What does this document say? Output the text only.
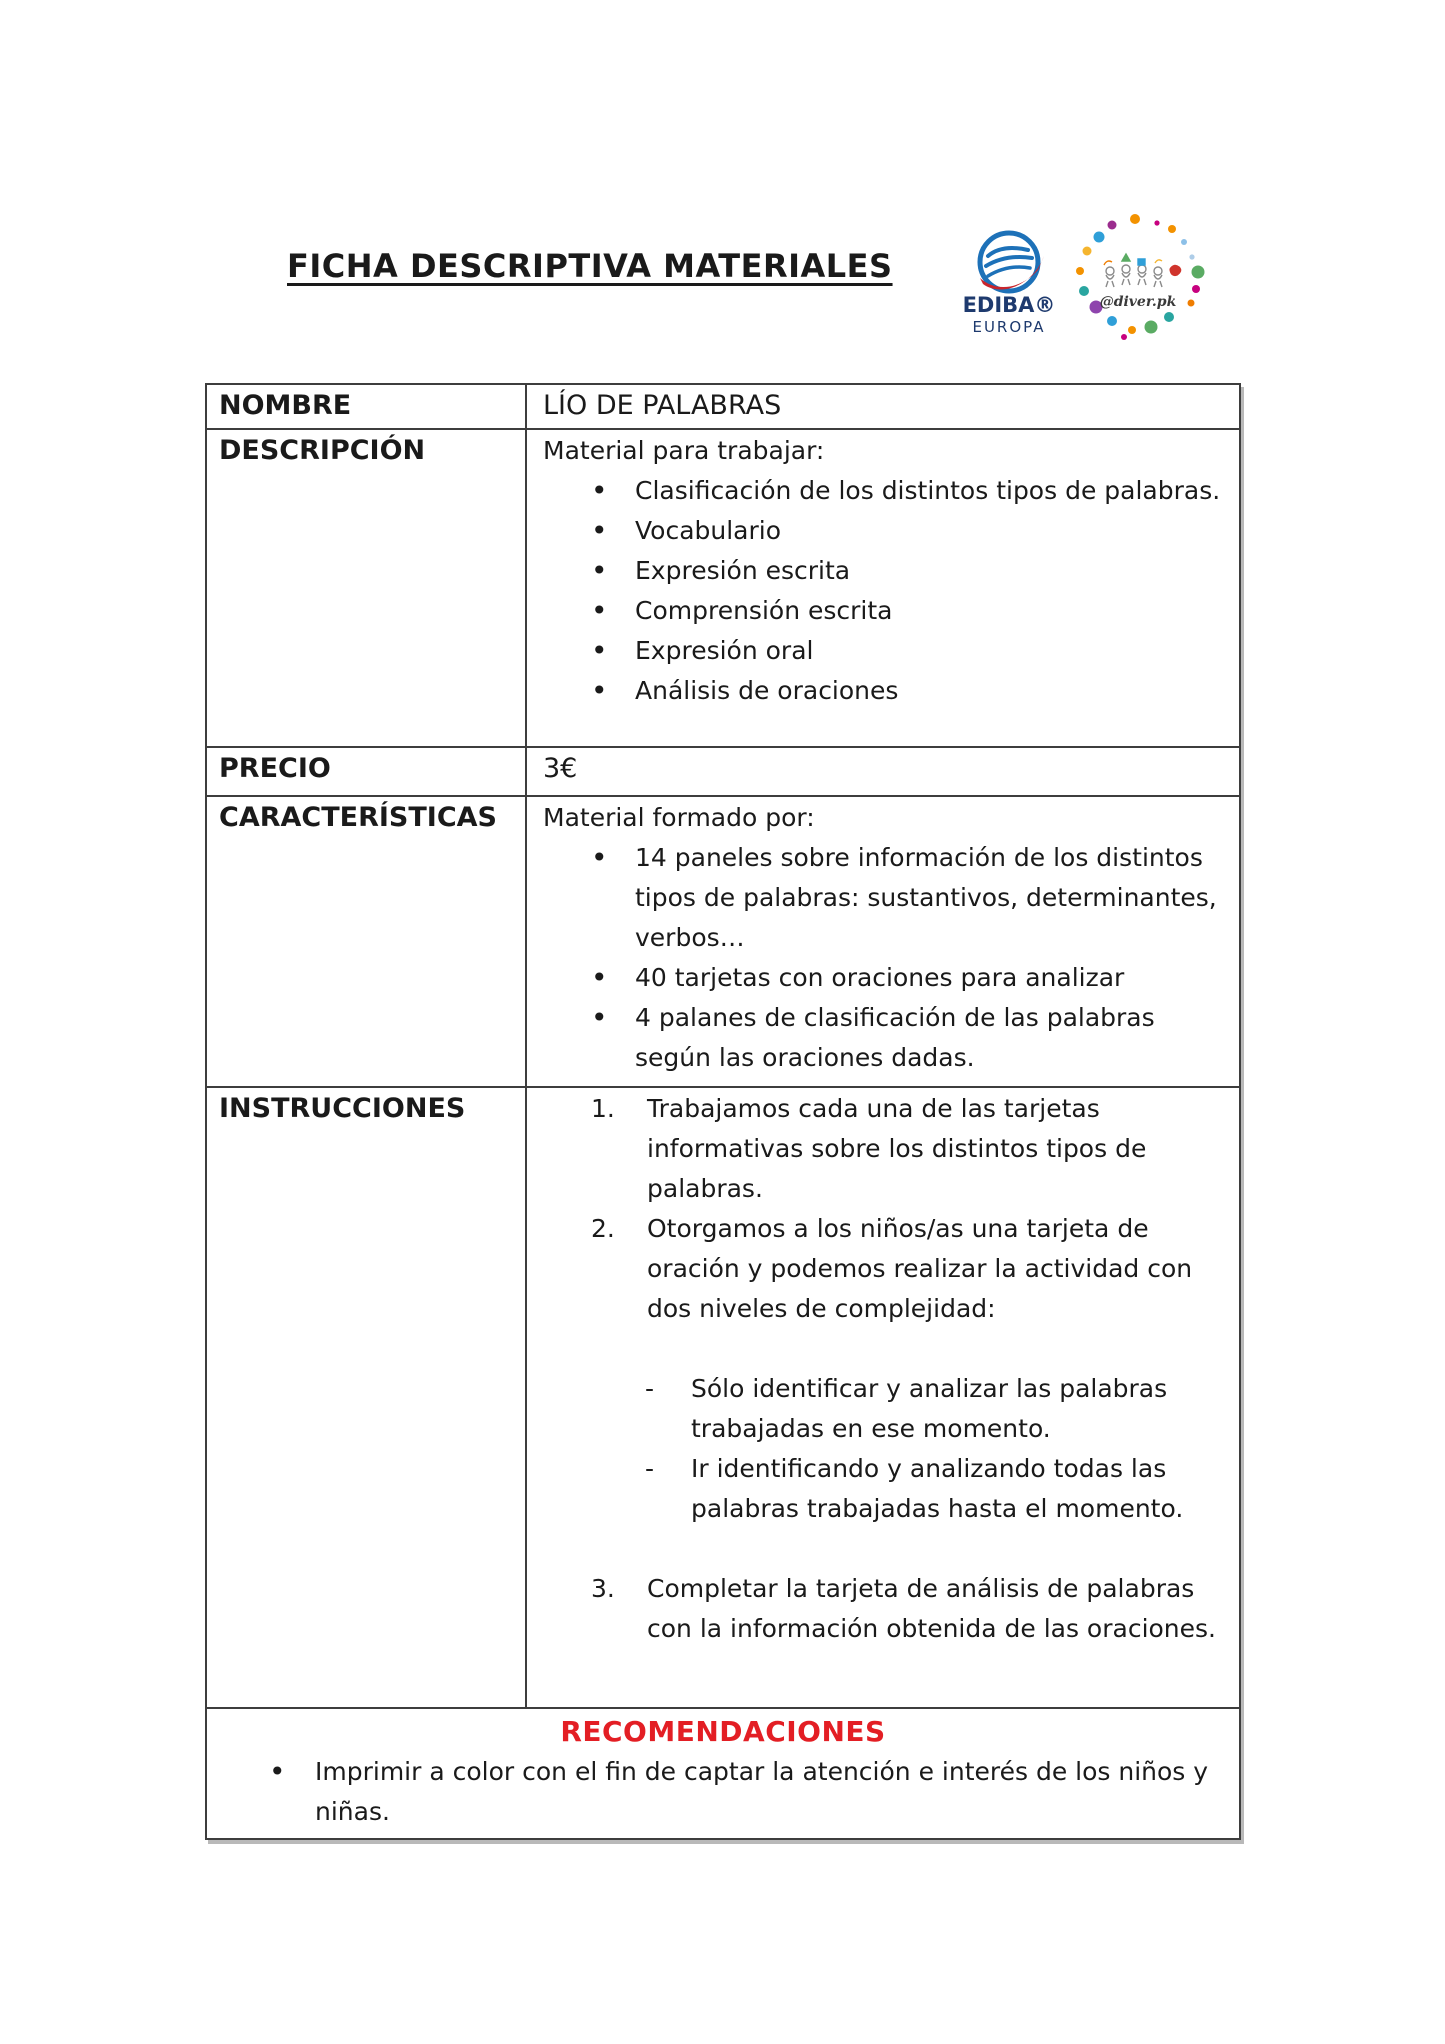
FICHA DESCRIPTIVA MATERIALES
EDIBA®
EUROPA
@diver.pk
NOMBRE	LÍO DE PALABRAS
DESCRIPCIÓN	Material para trabajar:
• Clasificación de los distintos tipos de palabras.
• Vocabulario
• Expresión escrita
• Comprensión escrita
• Expresión oral
• Análisis de oraciones
PRECIO	3€
CARACTERÍSTICAS	Material formado por:
• 14 paneles sobre información de los distintos tipos de palabras: sustantivos, determinantes, verbos…
• 40 tarjetas con oraciones para analizar
• 4 palanes de clasificación de las palabras según las oraciones dadas.
INSTRUCCIONES	1. Trabajamos cada una de las tarjetas informativas sobre los distintos tipos de palabras.
2. Otorgamos a los niños/as una tarjeta de oración y podemos realizar la actividad con dos niveles de complejidad:
- Sólo identificar y analizar las palabras trabajadas en ese momento.
- Ir identificando y analizando todas las palabras trabajadas hasta el momento.
3. Completar la tarjeta de análisis de palabras con la información obtenida de las oraciones.
RECOMENDACIONES
• Imprimir a color con el fin de captar la atención e interés de los niños y niñas.
